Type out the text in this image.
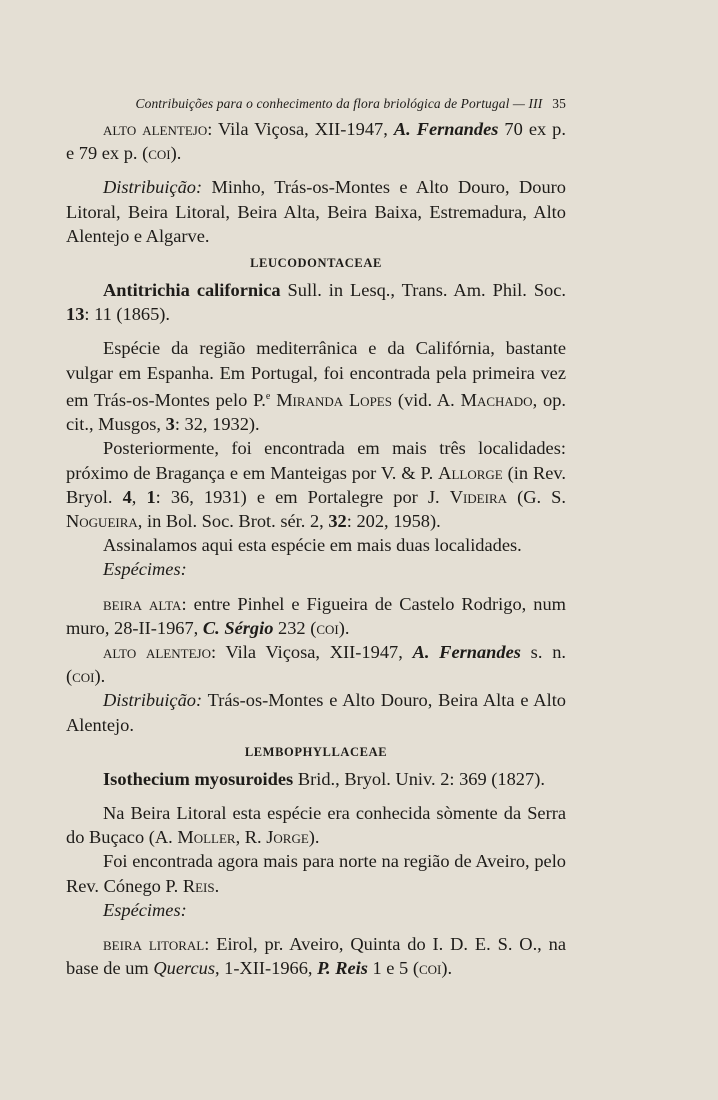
Contribuições para o conhecimento da flora briológica de Portugal — III 35

alto alentejo: Vila Viçosa, XII-1947, A. Fernandes 70 ex p. e 79 ex p. (coi).

Distribuição: Minho, Trás-os-Montes e Alto Douro, Douro Litoral, Beira Litoral, Beira Alta, Beira Baixa, Estremadura, Alto Alentejo e Algarve.

LEUCODONTACEAE

Antitrichia californica Sull. in Lesq., Trans. Am. Phil. Soc. 13: 11 (1865).

Espécie da região mediterrânica e da Califórnia, bastante vulgar em Espanha. Em Portugal, foi encontrada pela primeira vez em Trás-os-Montes pelo P.$^e$ Miranda Lopes (vid. A. Machado, op. cit., Musgos, 3: 32, 1932).

Posteriormente, foi encontrada em mais três localidades: próximo de Bragança e em Manteigas por V. & P. Allorge (in Rev. Bryol. 4, 1: 36, 1931) e em Portalegre por J. Videira (G. S. Nogueira, in Bol. Soc. Brot. sér. 2, 32: 202, 1958).

Assinalamos aqui esta espécie em mais duas localidades.

Espécimes:

beira alta: entre Pinhel e Figueira de Castelo Rodrigo, num muro, 28-II-1967, C. Sérgio 232 (coi).

alto alentejo: Vila Viçosa, XII-1947, A. Fernandes s. n. (coi).

Distribuição: Trás-os-Montes e Alto Douro, Beira Alta e Alto Alentejo.

LEMBOPHYLLACEAE

Isothecium myosuroides Brid., Bryol. Univ. 2: 369 (1827).

Na Beira Litoral esta espécie era conhecida sòmente da Serra do Buçaco (A. Moller, R. Jorge).

Foi encontrada agora mais para norte na região de Aveiro, pelo Rev. Cónego P. Reis.

Espécimes:

beira litoral: Eirol, pr. Aveiro, Quinta do I. D. E. S. O., na base de um Quercus, 1-XII-1966, P. Reis 1 e 5 (coi).
